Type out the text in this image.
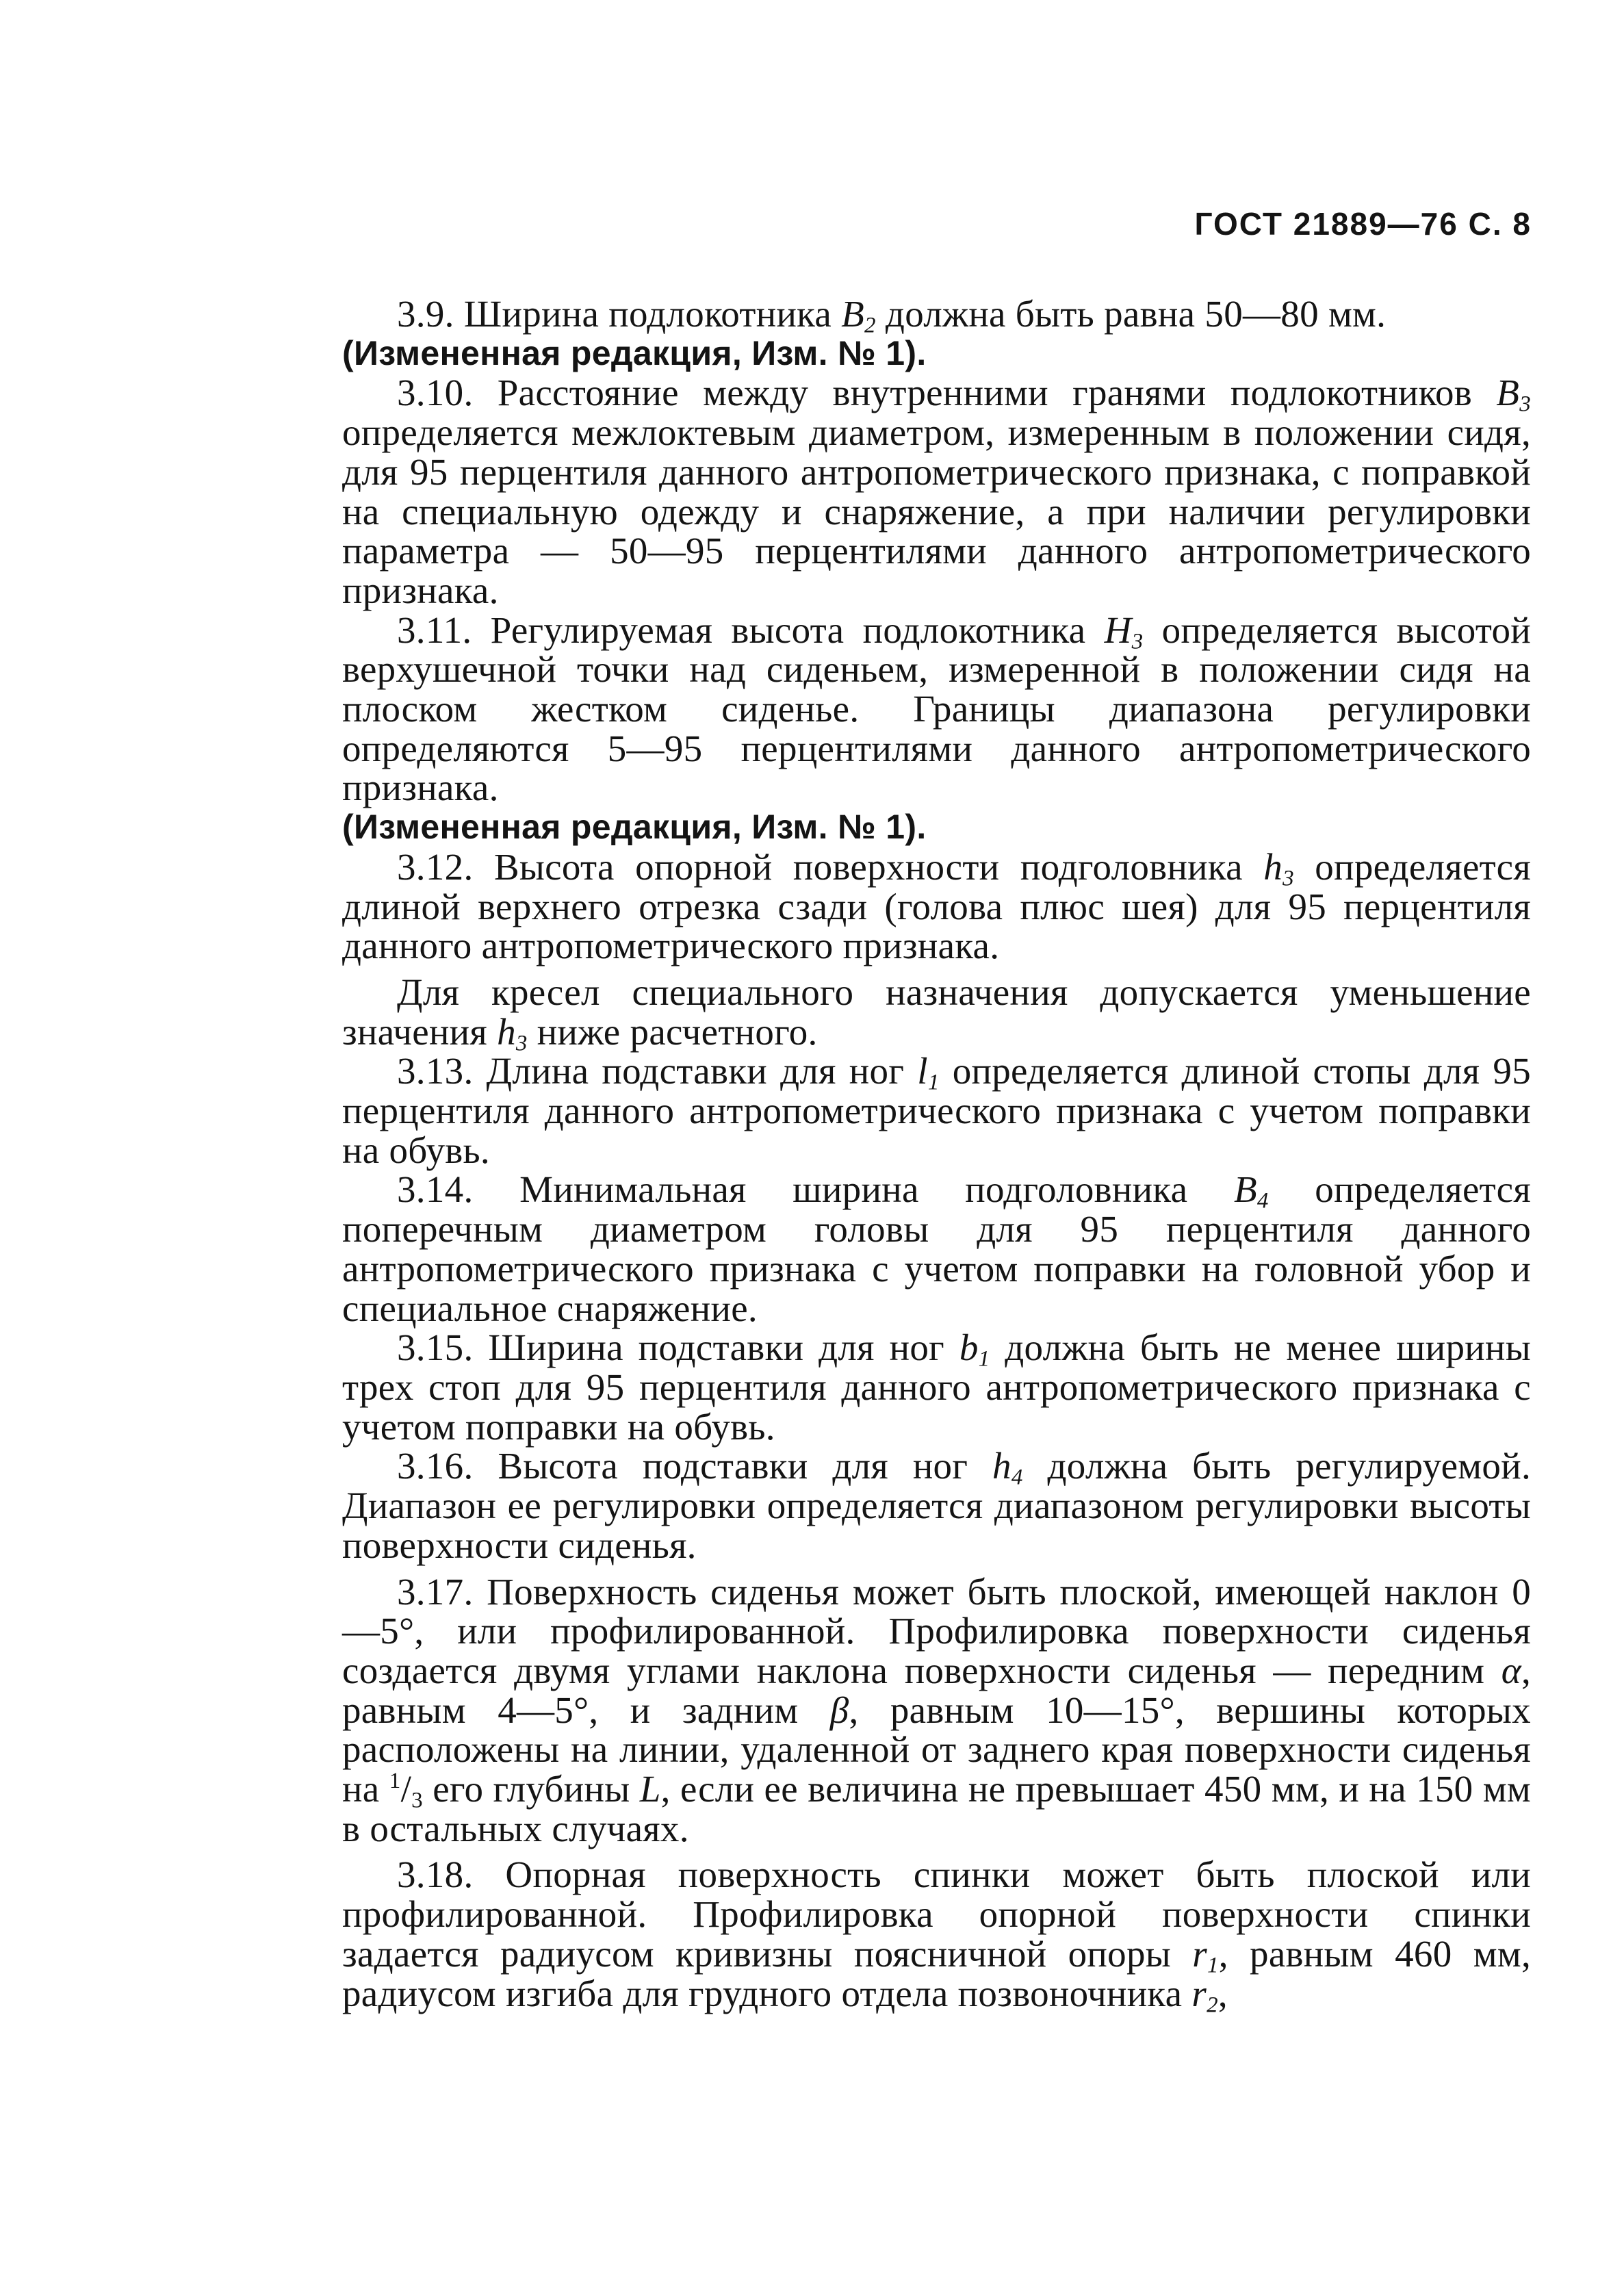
ГОСТ 21889—76 С. 8

3.9. Ширина подлокотника $B_2$ должна быть равна 50—80 мм.

(Измененная редакция, Изм. № 1).

3.10. Расстояние между внутренними гранями подлокотников $B_3$ определяется межлоктевым диаметром, измеренным в положении сидя, для 95 перцентиля данного антропометрического признака, с поправкой на специальную одежду и снаряжение, а при наличии регулировки параметра — 50—95 перцентилями данного антропометрического признака.

3.11. Регулируемая высота подлокотника $H_3$ определяется высотой верхушечной точки над сиденьем, измеренной в положении сидя на плоском жестком сиденье. Границы диапазона регулировки определяются 5—95 перцентилями данного антропометрического признака.

(Измененная редакция, Изм. № 1).

3.12. Высота опорной поверхности подголовника $h_3$ определяется длиной верхнего отрезка сзади (голова плюс шея) для 95 перцентиля данного антропометрического признака.

Для кресел специального назначения допускается уменьшение значения $h_3$ ниже расчетного.

3.13. Длина подставки для ног $l_1$ определяется длиной стопы для 95 перцентиля данного антропометрического признака с учетом поправки на обувь.

3.14. Минимальная ширина подголовника $B_4$ определяется поперечным диаметром головы для 95 перцентиля данного антропометрического признака с учетом поправки на головной убор и специальное снаряжение.

3.15. Ширина подставки для ног $b_1$ должна быть не менее ширины трех стоп для 95 перцентиля данного антропометрического признака с учетом поправки на обувь.

3.16. Высота подставки для ног $h_4$ должна быть регулируемой. Диапазон ее регулировки определяется диапазоном регулировки высоты поверхности сиденья.

3.17. Поверхность сиденья может быть плоской, имеющей наклон 0—5°, или профилированной. Профилировка поверхности сиденья создается двумя углами наклона поверхности сиденья — передним α, равным 4—5°, и задним β, равным 10—15°, вершины которых расположены на линии, удаленной от заднего края поверхности сиденья на $^1/_3$ его глубины L, если ее величина не превышает 450 мм, и на 150 мм в остальных случаях.

3.18. Опорная поверхность спинки может быть плоской или профилированной. Профилировка опорной поверхности спинки задается радиусом кривизны поясничной опоры $r_1$, равным 460 мм, радиусом изгиба для грудного отдела позвоночника $r_2$,
